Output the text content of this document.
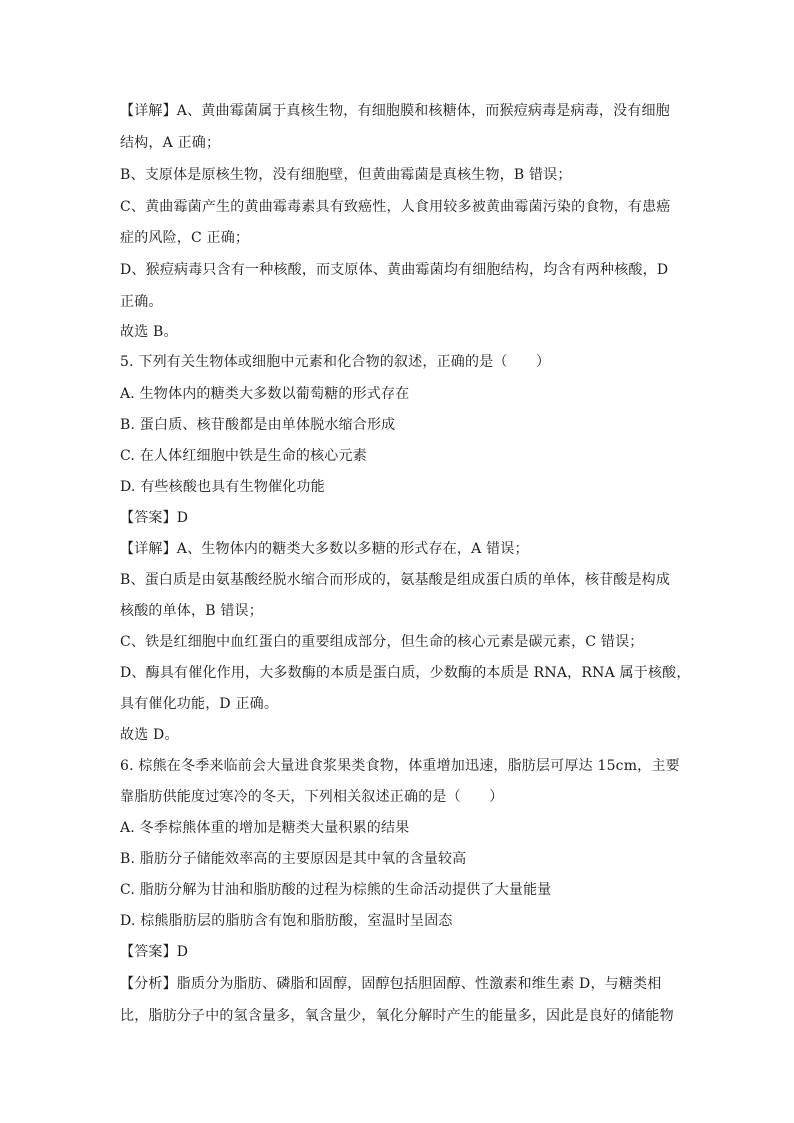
【详解】A、黄曲霉菌属于真核生物，有细胞膜和核糖体，而猴痘病毒是病毒，没有细胞

结构，A 正确；

B、支原体是原核生物，没有细胞壁，但黄曲霉菌是真核生物，B 错误；

C、黄曲霉菌产生的黄曲霉毒素具有致癌性，人食用较多被黄曲霉菌污染的食物，有患癌

症的风险，C 正确；

D、猴痘病毒只含有一种核酸，而支原体、黄曲霉菌均有细胞结构，均含有两种核酸，D

正确。

故选 B。

5. 下列有关生物体或细胞中元素和化合物的叙述，正确的是（　　）

A. 生物体内的糖类大多数以葡萄糖的形式存在

B. 蛋白质、核苷酸都是由单体脱水缩合形成

C. 在人体红细胞中铁是生命的核心元素

D. 有些核酸也具有生物催化功能

【答案】D

【详解】A、生物体内的糖类大多数以多糖的形式存在，A 错误；

B、蛋白质是由氨基酸经脱水缩合而形成的，氨基酸是组成蛋白质的单体，核苷酸是构成

核酸的单体，B 错误；

C、铁是红细胞中血红蛋白的重要组成部分，但生命的核心元素是碳元素，C 错误；

D、酶具有催化作用，大多数酶的本质是蛋白质，少数酶的本质是 RNA，RNA 属于核酸，

具有催化功能，D 正确。

故选 D。

6. 棕熊在冬季来临前会大量进食浆果类食物，体重增加迅速，脂肪层可厚达 15cm，主要

靠脂肪供能度过寒冷的冬天，下列相关叙述正确的是（　　）

A. 冬季棕熊体重的增加是糖类大量积累的结果

B. 脂肪分子储能效率高的主要原因是其中氧的含量较高

C. 脂肪分解为甘油和脂肪酸的过程为棕熊的生命活动提供了大量能量

D. 棕熊脂肪层的脂肪含有饱和脂肪酸，室温时呈固态

【答案】D

【分析】脂质分为脂肪、磷脂和固醇，固醇包括胆固醇、性激素和维生素 D，与糖类相

比，脂肪分子中的氢含量多，氧含量少，氧化分解时产生的能量多，因此是良好的储能物
